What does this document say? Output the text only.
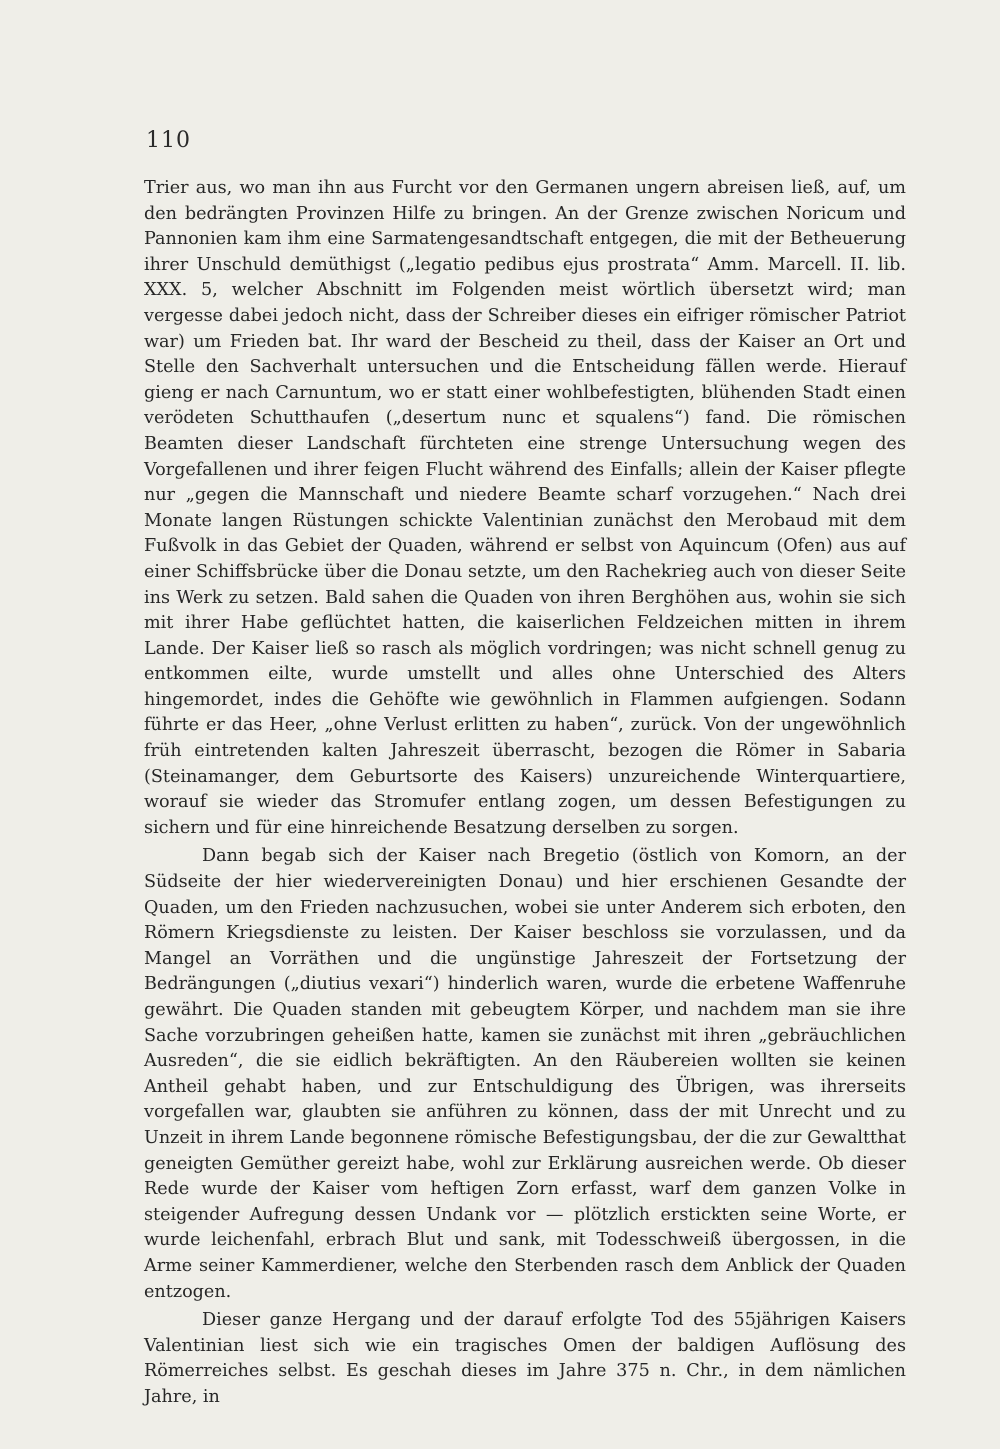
110

Trier aus, wo man ihn aus Furcht vor den Germanen ungern abreisen ließ, auf, um den bedrängten Provinzen Hilfe zu bringen. An der Grenze zwischen Noricum und Pannonien kam ihm eine Sarmatengesandtschaft entgegen, die mit der Betheuerung ihrer Unschuld demüthigst („legatio pedibus ejus prostrata“ Amm. Marcell. II. lib. XXX. 5, welcher Abschnitt im Folgenden meist wörtlich übersetzt wird; man vergesse dabei jedoch nicht, dass der Schreiber dieses ein eifriger römischer Patriot war) um Frieden bat. Ihr ward der Bescheid zu theil, dass der Kaiser an Ort und Stelle den Sachverhalt untersuchen und die Entscheidung fällen werde. Hierauf gieng er nach Carnuntum, wo er statt einer wohlbefestigten, blühenden Stadt einen verödeten Schutthaufen („desertum nunc et squalens“) fand. Die römischen Beamten dieser Landschaft fürchteten eine strenge Untersuchung wegen des Vorgefallenen und ihrer feigen Flucht während des Einfalls; allein der Kaiser pflegte nur „gegen die Mannschaft und niedere Beamte scharf vorzugehen.“ Nach drei Monate langen Rüstungen schickte Valentinian zunächst den Merobaud mit dem Fußvolk in das Gebiet der Quaden, während er selbst von Aquincum (Ofen) aus auf einer Schiffsbrücke über die Donau setzte, um den Rachekrieg auch von dieser Seite ins Werk zu setzen. Bald sahen die Quaden von ihren Berghöhen aus, wohin sie sich mit ihrer Habe geflüchtet hatten, die kaiserlichen Feldzeichen mitten in ihrem Lande. Der Kaiser ließ so rasch als möglich vordringen; was nicht schnell genug zu entkommen eilte, wurde umstellt und alles ohne Unterschied des Alters hingemordet, indes die Gehöfte wie gewöhnlich in Flammen aufgiengen. Sodann führte er das Heer, „ohne Verlust erlitten zu haben“, zurück. Von der ungewöhnlich früh eintretenden kalten Jahreszeit überrascht, bezogen die Römer in Sabaria (Steinamanger, dem Geburtsorte des Kaisers) unzureichende Winterquartiere, worauf sie wieder das Stromufer entlang zogen, um dessen Befestigungen zu sichern und für eine hinreichende Besatzung derselben zu sorgen.

Dann begab sich der Kaiser nach Bregetio (östlich von Komorn, an der Südseite der hier wiedervereinigten Donau) und hier erschienen Gesandte der Quaden, um den Frieden nachzusuchen, wobei sie unter Anderem sich erboten, den Römern Kriegsdienste zu leisten. Der Kaiser beschloss sie vorzulassen, und da Mangel an Vorräthen und die ungünstige Jahreszeit der Fortsetzung der Bedrängungen („diutius vexari“) hinderlich waren, wurde die erbetene Waffenruhe gewährt. Die Quaden standen mit gebeugtem Körper, und nachdem man sie ihre Sache vorzubringen geheißen hatte, kamen sie zunächst mit ihren „gebräuchlichen Ausreden“, die sie eidlich bekräftigten. An den Räubereien wollten sie keinen Antheil gehabt haben, und zur Entschuldigung des Übrigen, was ihrerseits vorgefallen war, glaubten sie anführen zu können, dass der mit Unrecht und zu Unzeit in ihrem Lande begonnene römische Befestigungsbau, der die zur Gewaltthat geneigten Gemüther gereizt habe, wohl zur Erklärung ausreichen werde. Ob dieser Rede wurde der Kaiser vom heftigen Zorn erfasst, warf dem ganzen Volke in steigender Aufregung dessen Undank vor — plötzlich erstickten seine Worte, er wurde leichenfahl, erbrach Blut und sank, mit Todesschweiß übergossen, in die Arme seiner Kammerdiener, welche den Sterbenden rasch dem Anblick der Quaden entzogen.

Dieser ganze Hergang und der darauf erfolgte Tod des 55jährigen Kaisers Valentinian liest sich wie ein tragisches Omen der baldigen Auflösung des Römerreiches selbst. Es geschah dieses im Jahre 375 n. Chr., in dem nämlichen Jahre, in
